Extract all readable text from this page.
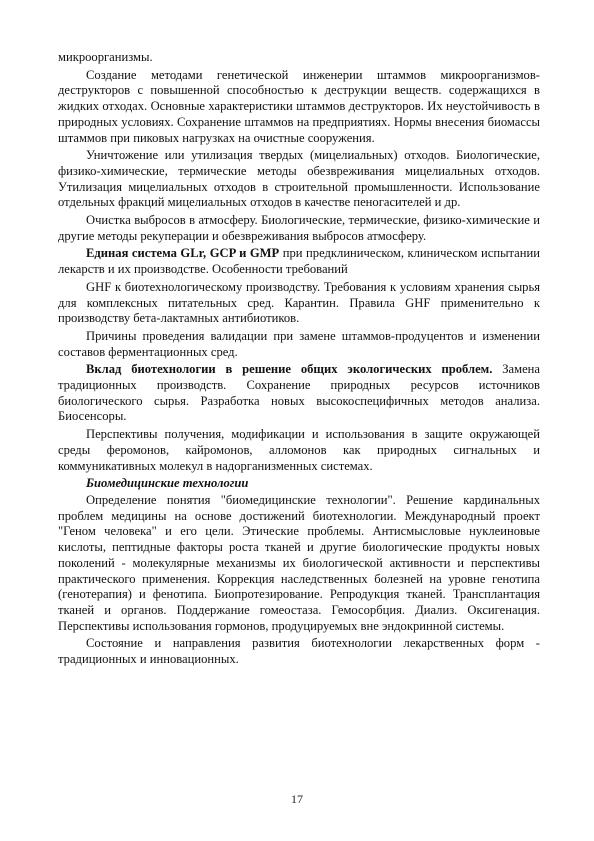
микроорганизмы.

Создание методами генетической инженерии штаммов микроорганизмов-деструкторов с повышенной способностью к деструкции веществ. содержащихся в жидких отходах. Основные характеристики штаммов деструкторов. Их неустойчивость в природных условиях. Сохранение штаммов на предприятиях. Нормы внесения биомассы штаммов при пиковых нагрузках на очистные сооружения.

Уничтожение или утилизация твердых (мицелиальных) отходов. Биологические, физико-химические, термические методы обезвреживания мицелиальных отходов. Утилизация мицелиальных отходов в строительной промышленности. Использование отдельных фракций мицелиальных отходов в качестве пеногасителей и др.

Очистка выбросов в атмосферу. Биологические, термические, физико-химические и другие методы рекуперации и обезвреживания выбросов атмосферу.

Единая система GLr, GCP и GMP при предклиническом, клиническом испытании лекарств и их производстве. Особенности требований

GHF к биотехнологическому производству. Требования к условиям хранения сырья для комплексных питательных сред. Карантин. Правила GHF применительно к производству бета-лактамных антибиотиков.

Причины проведения валидации при замене штаммов-продуцентов и изменении составов ферментационных сред.

Вклад биотехнологии в решение общих экологических проблем. Замена традиционных производств. Сохранение природных ресурсов источников биологического сырья. Разработка новых высокоспецифичных методов анализа. Биосенсоры.

Перспективы получения, модификации и использования в защите окружающей среды феромонов, кайромонов, алломонов как природных сигнальных и коммуникативных молекул в надорганизменных системах.

Биомедицинские технологии

Определение понятия "биомедицинские технологии". Решение кардинальных проблем медицины на основе достижений биотехнологии. Международный проект "Геном человека" и его цели. Этические проблемы. Антисмысловые нуклеиновые кислоты, пептидные факторы роста тканей и другие биологические продукты новых поколений - молекулярные механизмы их биологической активности и перспективы практического применения. Коррекция наследственных болезней на уровне генотипа (генотерапия) и фенотипа. Биопротезирование. Репродукция тканей. Трансплантация тканей и органов. Поддержание гомеостаза. Гемосорбция. Диализ. Оксигенация. Перспективы использования гормонов, продуцируемых вне эндокринной системы.

Состояние и направления развития биотехнологии лекарственных форм - традиционных и инновационных.

17
